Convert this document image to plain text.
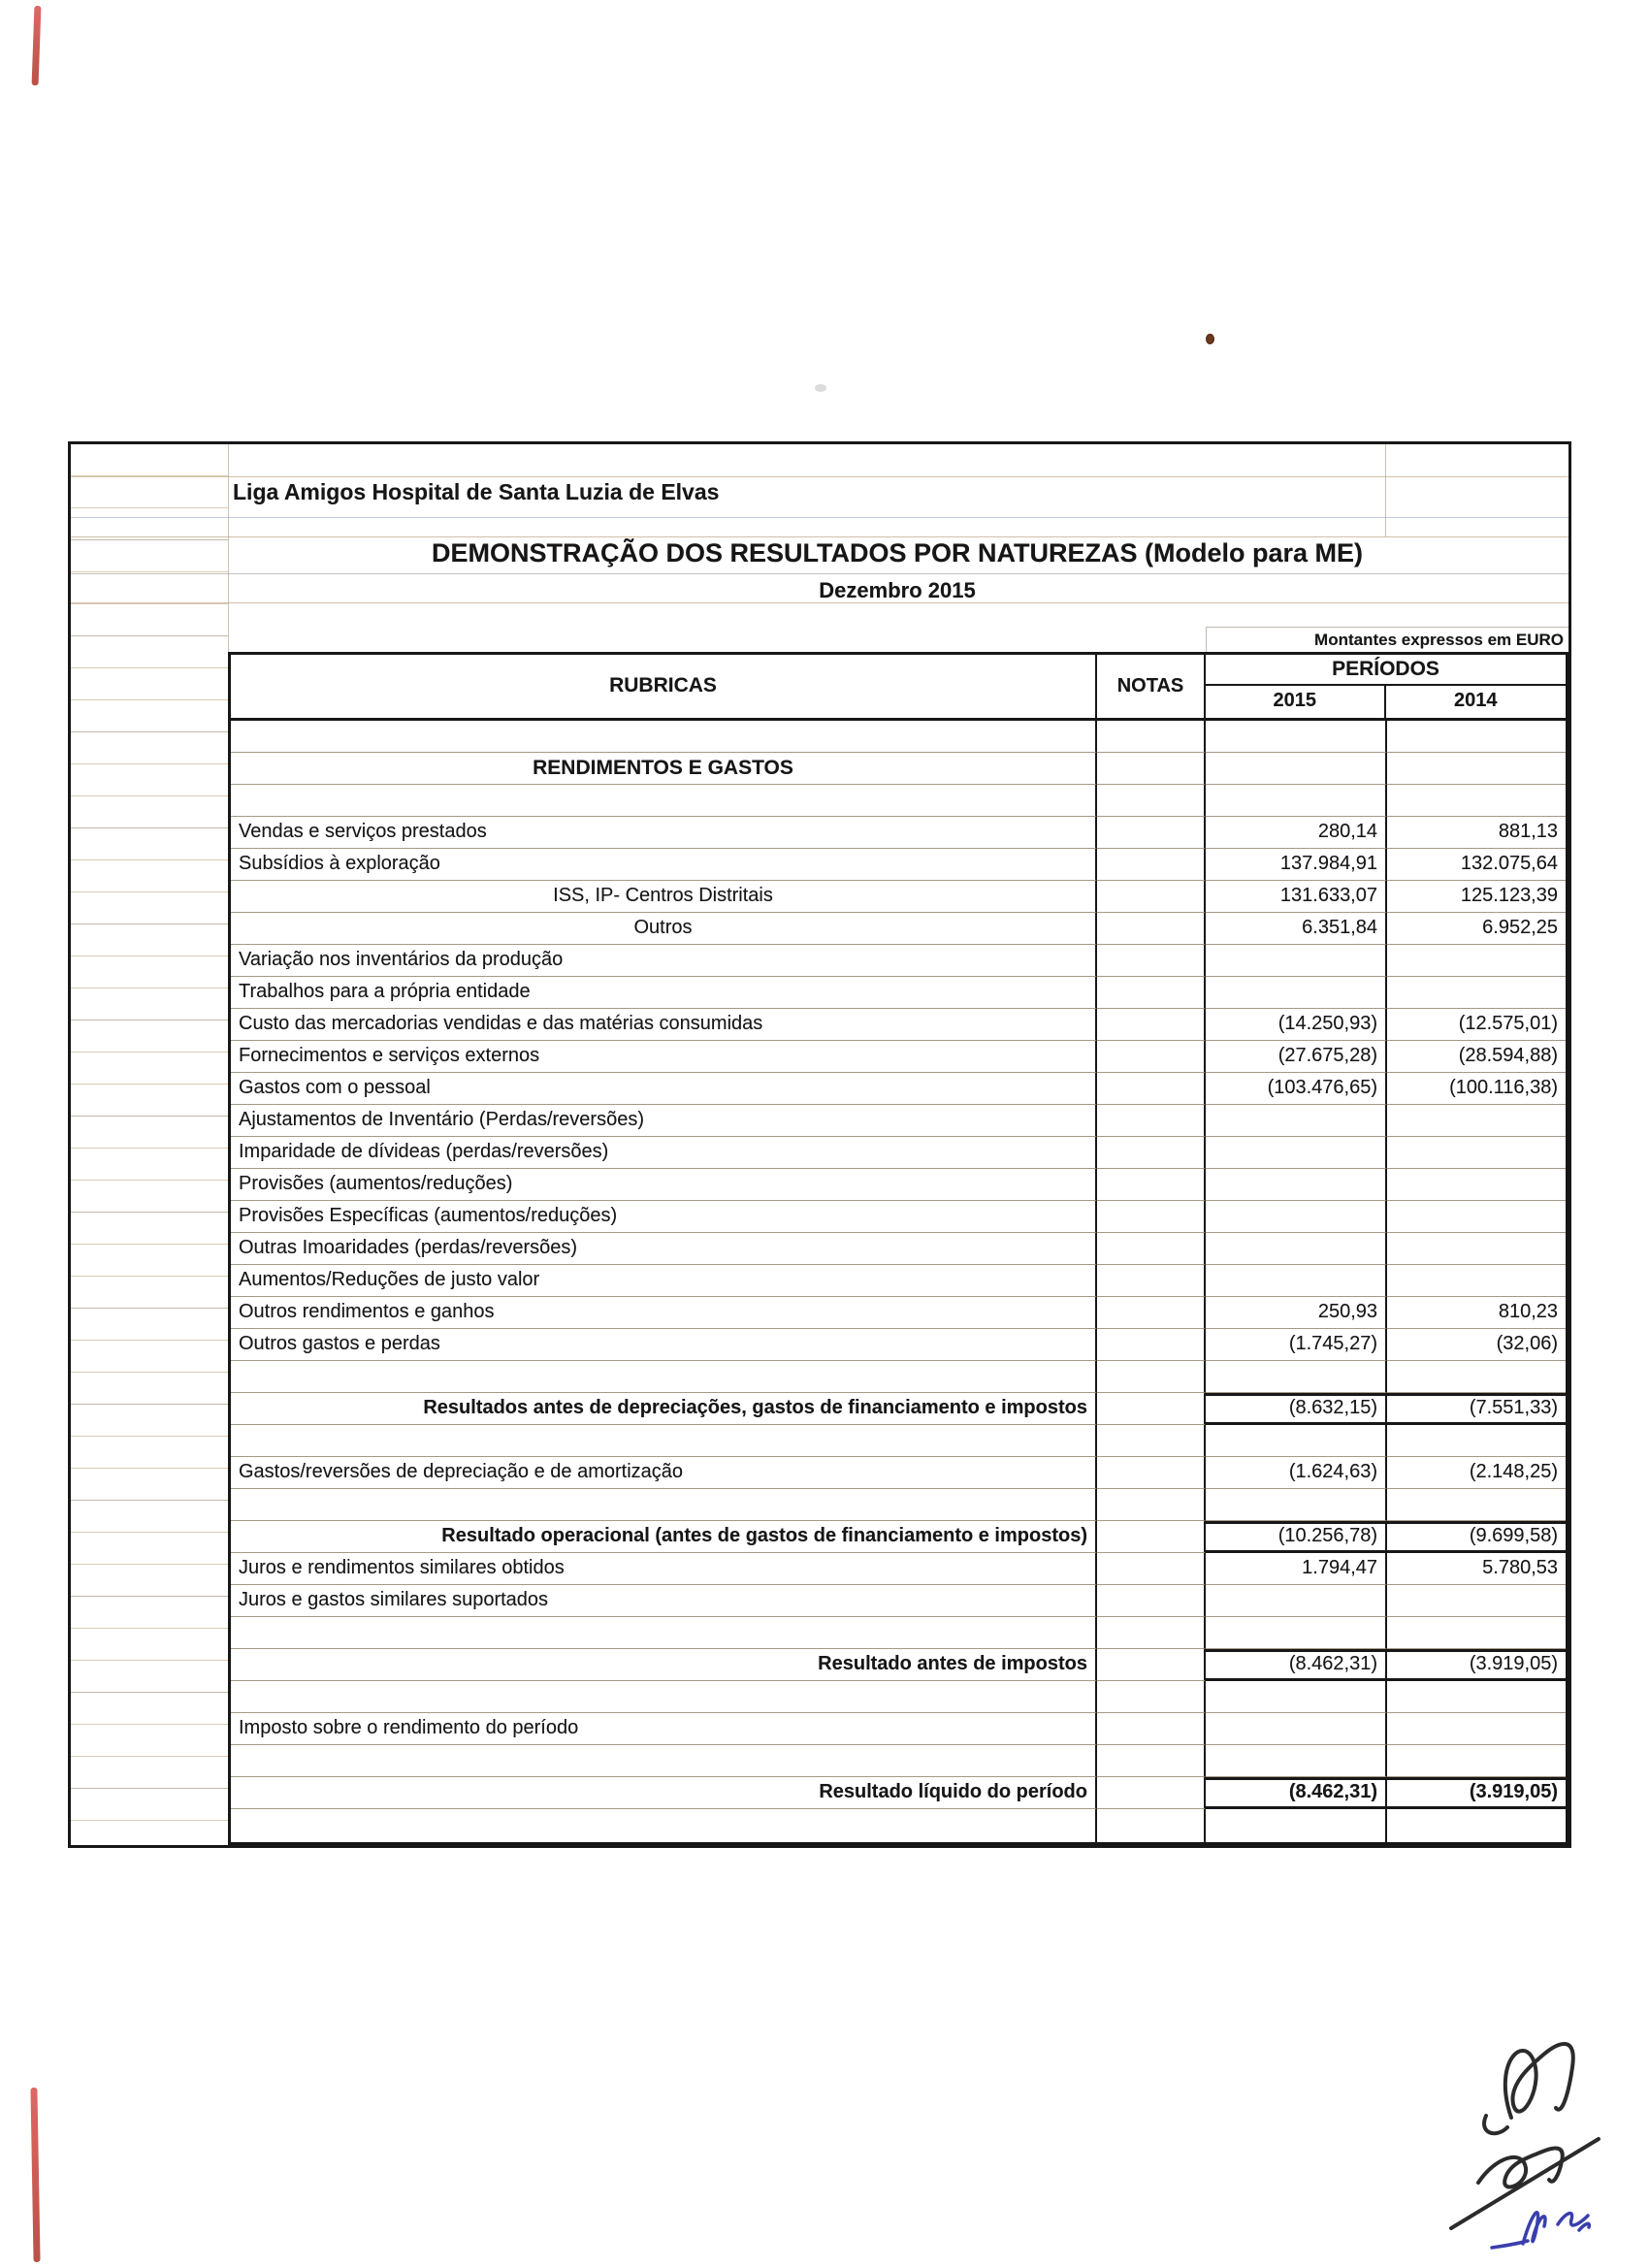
Liga Amigos Hospital de Santa Luzia de Elvas
DEMONSTRAÇÃO DOS RESULTADOS POR NATUREZAS (Modelo para ME)
Dezembro 2015
Montantes expressos em EURO
RUBRICAS	NOTAS
PERÍODOS
2015	2014
RENDIMENTOS E GASTOS
Vendas e serviços prestados	280,14	881,13
Subsídios à exploração	137.984,91	132.075,64
ISS, IP- Centros Distritais	131.633,07	125.123,39
Outros	6.351,84	6.952,25
Variação nos inventários da produção
Trabalhos para a própria entidade
Custo das mercadorias vendidas e das matérias consumidas	(14.250,93)	(12.575,01)
Fornecimentos e serviços externos	(27.675,28)	(28.594,88)
Gastos com o pessoal	(103.476,65)	(100.116,38)
Ajustamentos de Inventário (Perdas/reversões)
Imparidade de dívideas (perdas/reversões)
Provisões (aumentos/reduções)
Provisões Específicas (aumentos/reduções)
Outras Imoaridades (perdas/reversões)
Aumentos/Reduções de justo valor
Outros rendimentos e ganhos	250,93	810,23
Outros gastos e perdas	(1.745,27)	(32,06)
Resultados antes de depreciações, gastos de financiamento e impostos	(8.632,15)	(7.551,33)
Gastos/reversões de depreciação e de amortização	(1.624,63)	(2.148,25)
Resultado operacional (antes de gastos de financiamento e impostos)	(10.256,78)	(9.699,58)
Juros e rendimentos similares obtidos	1.794,47	5.780,53
Juros e gastos similares suportados
Resultado antes de impostos	(8.462,31)	(3.919,05)
Imposto sobre o rendimento do período
Resultado líquido do período	(8.462,31)	(3.919,05)
